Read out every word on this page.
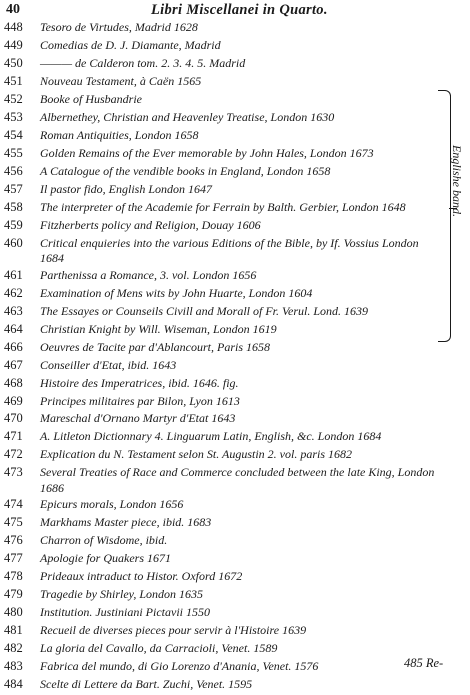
40	Libri Miscellanei in Quarto.
448	Tesoro de Virtudes, Madrid 1628
449	Comedias de D. J. Diamante, Madrid
450	——— de Calderon tom. 2. 3. 4. 5. Madrid
451	Nouveau Testament, à Caën 1565
452	Booke of Husbandrie
453	Albernethey, Christian and Heavenley Treatise, London 1630
454	Roman Antiquities, London 1658
455	Golden Remains of the Ever memorable by John Hales, London 1673
456	A Catalogue of the vendible books in England, London 1658
457	Il pastor fido, English London 1647
458	The interpreter of the Academie for Ferrain by Balth. Gerbier, London 1648
459	Fitzherberts policy and Religion, Douay 1606
460	Critical enquieries into the various Editions of the Bible, by If. Vossius London 1684
461	Parthenissa a Romance, 3. vol. London 1656
462	Examination of Mens wits by John Huarte, London 1604
463	The Essayes or Counseils Civill and Morall of Fr. Verul. Lond. 1639
464	Christian Knight by Will. Wiseman, London 1619
466	Oeuvres de Tacite par d'Ablancourt, Paris 1658
467	Conseiller d'Etat, ibid. 1643
468	Histoire des Imperatrices, ibid. 1646. fig.
469	Principes militaires par Bilon, Lyon 1613
470	Mareschal d'Ornano Martyr d'Etat 1643
471	A. Litleton Dictionnary 4. Linguarum Latin, English, &c. London 1684
472	Explication du N. Testament selon St. Augustin 2. vol. paris 1682
473	Several Treaties of Race and Commerce concluded between the late King, London 1686
474	Epicurs morals, London 1656
475	Markhams Master piece, ibid. 1683
476	Charron of Wisdome, ibid.
477	Apologie for Quakers 1671
478	Prideaux intraduct to Histor. Oxford 1672
479	Tragedie by Shirley, London 1635
480	Institution. Justiniani Pictavii 1550
481	Recueil de diverses pieces pour servir à l'Histoire 1639
482	La gloria del Cavallo, da Carracioli, Venet. 1589
483	Fabrica del mundo, di Gio Lorenzo d'Anania, Venet. 1576
484	Scelte di Lettere da Bart. Zuchi, Venet. 1595
Englishe band.
485 Re-
